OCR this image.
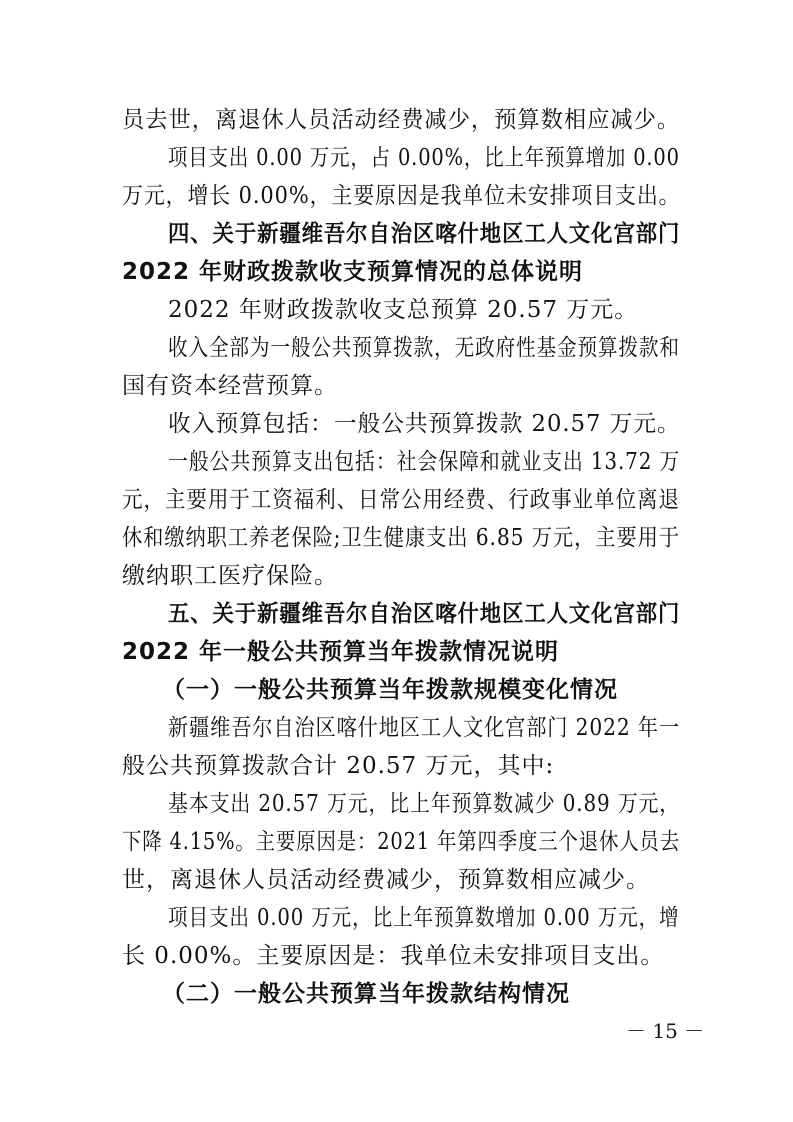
员去世，离退休人员活动经费减少，预算数相应减少。
项目支出 0.00 万元，占 0.00%，比上年预算增加 0.00
万元，增长 0.00%，主要原因是我单位未安排项目支出。
四、关于新疆维吾尔自治区喀什地区工人文化宫部门
2022 年财政拨款收支预算情况的总体说明
2022 年财政拨款收支总预算 20.57 万元。
收入全部为一般公共预算拨款，无政府性基金预算拨款和
国有资本经营预算。
收入预算包括：一般公共预算拨款 20.57 万元。
一般公共预算支出包括：社会保障和就业支出 13.72 万
元，主要用于工资福利、日常公用经费、行政事业单位离退
休和缴纳职工养老保险;卫生健康支出 6.85 万元，主要用于
缴纳职工医疗保险。
五、关于新疆维吾尔自治区喀什地区工人文化宫部门
2022 年一般公共预算当年拨款情况说明
（一）一般公共预算当年拨款规模变化情况
新疆维吾尔自治区喀什地区工人文化宫部门 2022 年一
般公共预算拨款合计 20.57 万元，其中:
基本支出 20.57 万元，比上年预算数减少 0.89 万元，
下降 4.15%。主要原因是：2021 年第四季度三个退休人员去
世，离退休人员活动经费减少，预算数相应减少。
项目支出 0.00 万元，比上年预算数增加 0.00 万元，增
长 0.00%。主要原因是：我单位未安排项目支出。
（二）一般公共预算当年拨款结构情况
－ 15 －
